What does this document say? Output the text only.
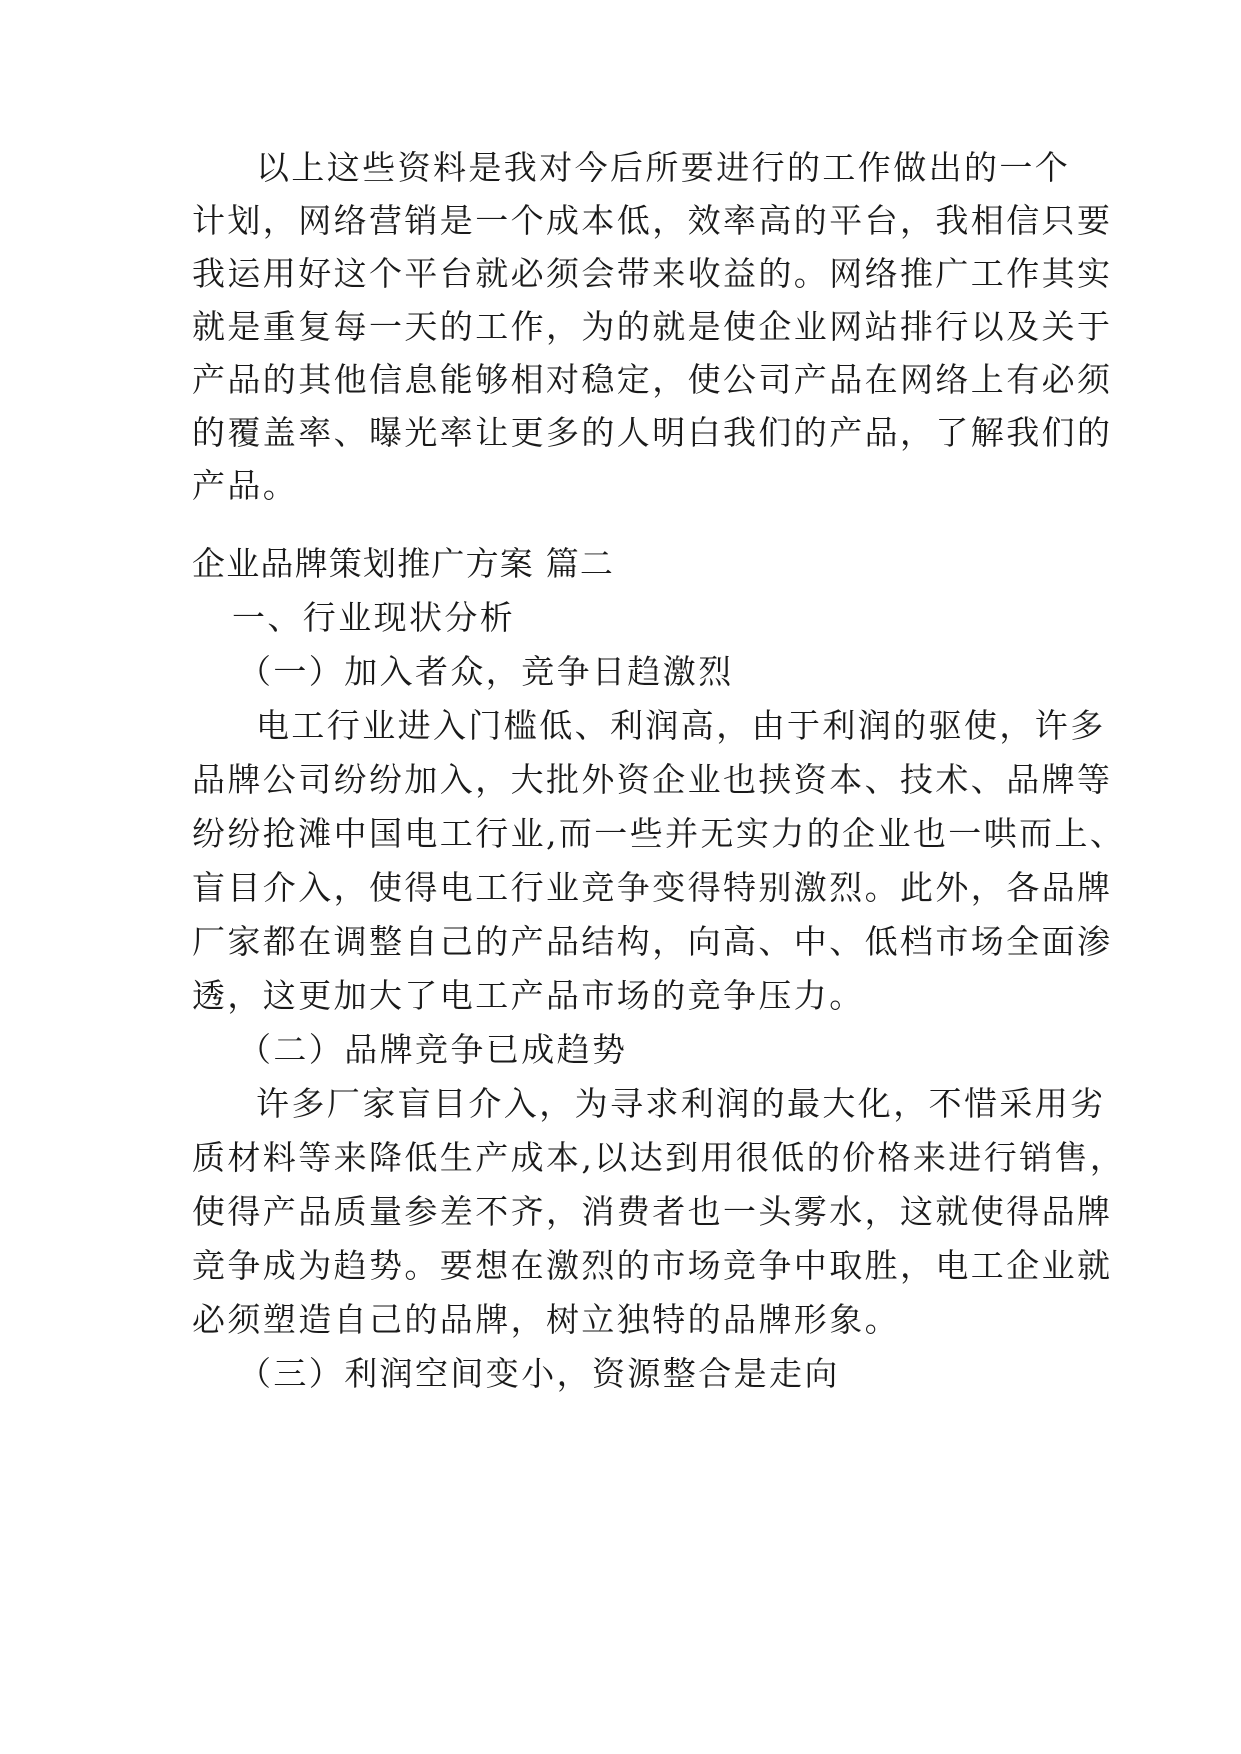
以上这些资料是我对今后所要进行的工作做出的一个
计划，网络营销是一个成本低，效率高的平台，我相信只要
我运用好这个平台就必须会带来收益的。网络推广工作其实
就是重复每一天的工作，为的就是使企业网站排行以及关于
产品的其他信息能够相对稳定，使公司产品在网络上有必须
的覆盖率、曝光率让更多的人明白我们的产品，了解我们的
产品。
企业品牌策划推广方案 篇二
一、行业现状分析
（一）加入者众，竞争日趋激烈
电工行业进入门槛低、利润高，由于利润的驱使，许多
品牌公司纷纷加入，大批外资企业也挟资本、技术、品牌等
纷纷抢滩中国电工行业,而一些并无实力的企业也一哄而上、
盲目介入，使得电工行业竞争变得特别激烈。此外，各品牌
厂家都在调整自己的产品结构，向高、中、低档市场全面渗
透，这更加大了电工产品市场的竞争压力。
（二）品牌竞争已成趋势
许多厂家盲目介入，为寻求利润的最大化，不惜采用劣
质材料等来降低生产成本,以达到用很低的价格来进行销售，
使得产品质量参差不齐，消费者也一头雾水，这就使得品牌
竞争成为趋势。要想在激烈的市场竞争中取胜，电工企业就
必须塑造自己的品牌，树立独特的品牌形象。
（三）利润空间变小，资源整合是走向
